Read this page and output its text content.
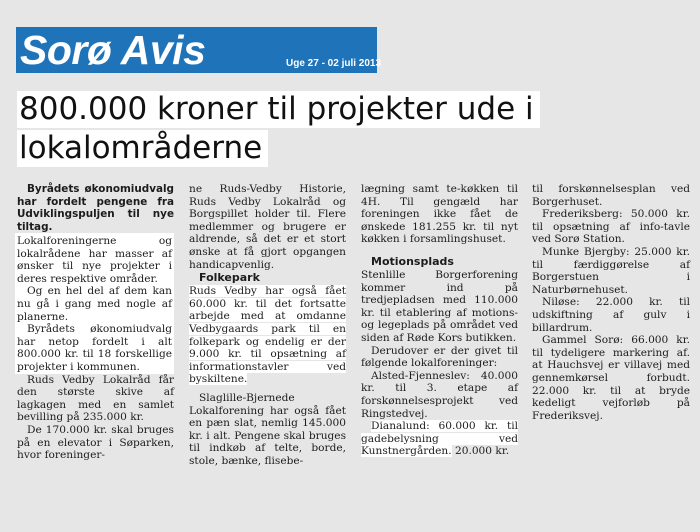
Sorø Avis	Uge 27 - 02 juli 2013
800.000 kroner til projekter ude i lokalområderne

Byrådets økonomiudvalg har fordelt pengene fra Udviklingspuljen til nye tiltag.

Lokalforeningerne og lokalrådene har masser af ønsker til nye projekter i deres respektive områder.

Og en hel del af dem kan nu gå i gang med nogle af planerne.

Byrådets økonomiudvalg har netop fordelt i alt 800.000 kr. til 18 forskellige projekter i kommunen.

Ruds Vedby Lokalråd får den største skive af lagkagen med en samlet bevilling på 235.000 kr.

De 170.000 kr. skal bruges på en elevator i Søparken, hvor foreninger-

ne Ruds-Vedby Historie, Ruds Vedby Lokalråd og Borgspillet holder til. Flere medlemmer og brugere er aldrende, så det er et stort ønske at få gjort opgangen handicapvenlig.

Folkepark

Ruds Vedby har også fået 60.000 kr. til det fortsatte arbejde med at omdanne Vedbygaards park til en folkepark og endelig er der 9.000 kr. til opsætning af informationstavler ved byskiltene.

Slaglille-Bjernede Lokalforening har også fået en pæn slat, nemlig 145.000 kr. i alt. Pengene skal bruges til indkøb af telte, borde, stole, bænke, flisebe-

lægning samt te-køkken til 4H. Til gengæld har foreningen ikke fået de ønskede 181.255 kr. til nyt køkken i forsamlingshuset.

Motionsplads

Stenlille Borgerforening kommer ind på tredjepladsen med 110.000 kr. til etablering af motions- og legeplads på området ved siden af Røde Kors butikken.

Derudover er der givet til følgende lokalforeninger:

Alsted-Fjenneslev: 40.000 kr. til 3. etape af forskønnelsesprojekt ved Ringstedvej.

Dianalund: 60.000 kr. til gadebelysning ved Kunstnergården. 20.000 kr.

til forskønnelsesplan ved Borgerhuset.

Frederiksberg: 50.000 kr. til opsætning af info-tavle ved Sorø Station.

Munke Bjergby: 25.000 kr. til færdiggørelse af Borgerstuen i Naturbørnehuset.

Niløse: 22.000 kr. til udskiftning af gulv i billardrum.

Gammel Sorø: 66.000 kr. til tydeligere markering af. at Hauchsvej er villavej med gennemkørsel forbudt. 22.000 kr. til at bryde kedeligt vejforløb på Frederiksvej.
